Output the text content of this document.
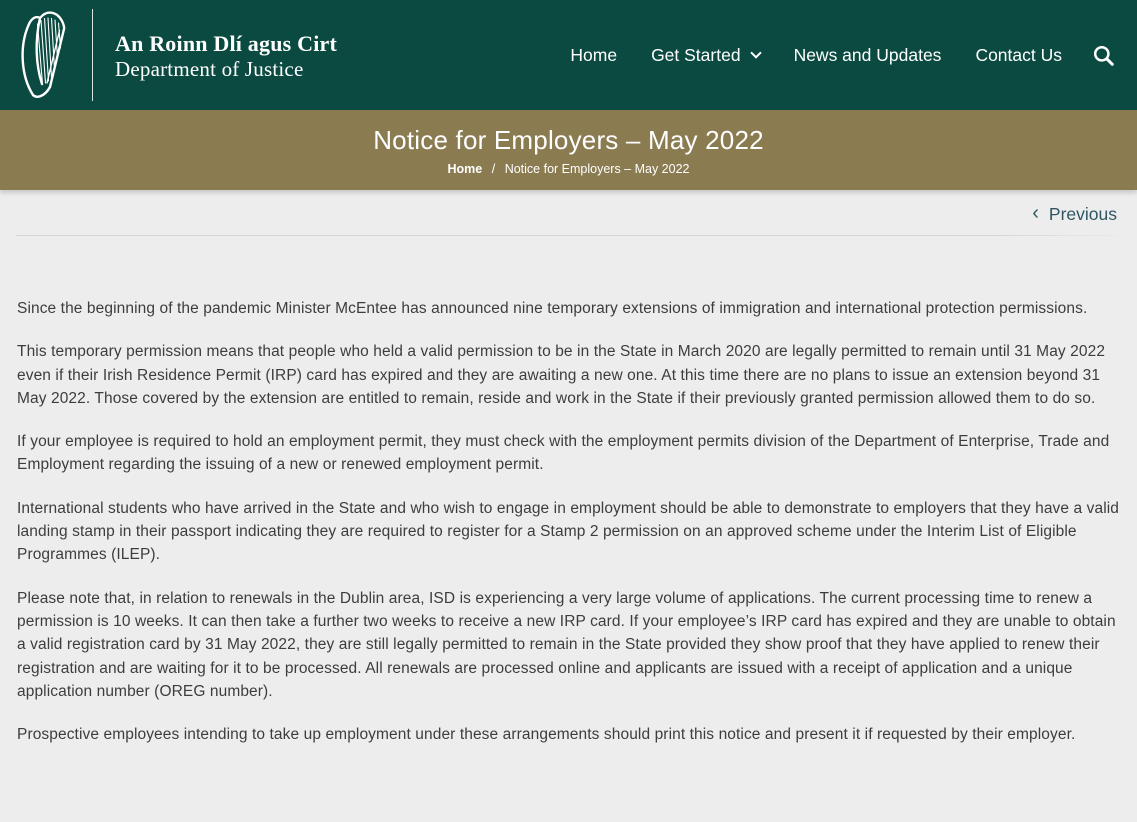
An Roinn Dlí agus Cirt
Department of Justice
Home Get Started	News and Updates Contact Us
Notice for Employers – May 2022
Home / Notice for Employers – May 2022
‹ Previous

Since the beginning of the pandemic Minister McEntee has announced nine temporary extensions of immigration and international protection permissions.

This temporary permission means that people who held a valid permission to be in the State in March 2020 are legally permitted to remain until 31 May 2022 even if their Irish Residence Permit (IRP) card has expired and they are awaiting a new one. At this time there are no plans to issue an extension beyond 31 May 2022. Those covered by the extension are entitled to remain, reside and work in the State if their previously granted permission allowed them to do so.

If your employee is required to hold an employment permit, they must check with the employment permits division of the Department of Enterprise, Trade and Employment regarding the issuing of a new or renewed employment permit.

International students who have arrived in the State and who wish to engage in employment should be able to demonstrate to employers that they have a valid landing stamp in their passport indicating they are required to register for a Stamp 2 permission on an approved scheme under the Interim List of Eligible Programmes (ILEP).

Please note that, in relation to renewals in the Dublin area, ISD is experiencing a very large volume of applications. The current processing time to renew a permission is 10 weeks. It can then take a further two weeks to receive a new IRP card. If your employee’s IRP card has expired and they are unable to obtain a valid registration card by 31 May 2022, they are still legally permitted to remain in the State provided they show proof that they have applied to renew their registration and are waiting for it to be processed. All renewals are processed online and applicants are issued with a receipt of application and a unique application number (OREG number).

Prospective employees intending to take up employment under these arrangements should print this notice and present it if requested by their employer.
